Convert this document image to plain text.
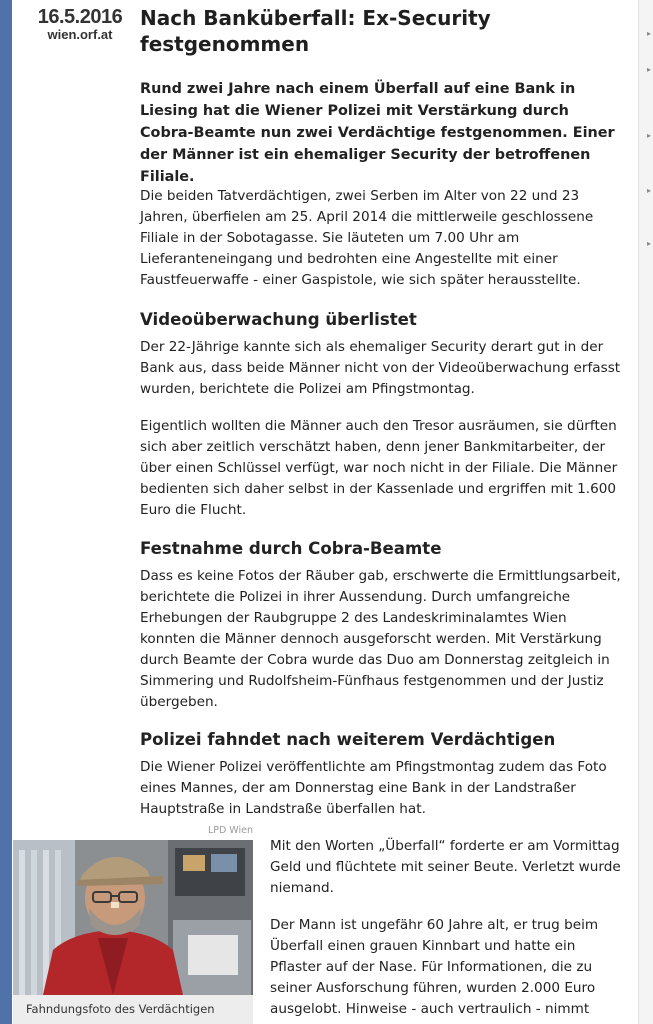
▸
▸
▸
▸
▸
16.5.2016
wien.orf.at
Nach Banküberfall: Ex-Security festgenommen

Rund zwei Jahre nach einem Überfall auf eine Bank in Liesing hat die Wiener Polizei mit Verstärkung durch Cobra-Beamte nun zwei Verdächtige festgenommen. Einer der Männer ist ein ehemaliger Security der betroffenen Filiale.

Die beiden Tatverdächtigen, zwei Serben im Alter von 22 und 23 Jahren, überfielen am 25. April 2014 die mittlerweile geschlossene Filiale in der Sobotagasse. Sie läuteten um 7.00 Uhr am Lieferanteneingang und bedrohten eine Angestellte mit einer Faustfeuerwaffe - einer Gaspistole, wie sich später herausstellte.

Videoüberwachung überlistet

Der 22-Jährige kannte sich als ehemaliger Security derart gut in der Bank aus, dass beide Männer nicht von der Videoüberwachung erfasst wurden, berichtete die Polizei am Pfingstmontag.

Eigentlich wollten die Männer auch den Tresor ausräumen, sie dürften sich aber zeitlich verschätzt haben, denn jener Bankmitarbeiter, der über einen Schlüssel verfügt, war noch nicht in der Filiale. Die Männer bedienten sich daher selbst in der Kassenlade und ergriffen mit 1.600 Euro die Flucht.

Festnahme durch Cobra-Beamte

Dass es keine Fotos der Räuber gab, erschwerte die Ermittlungsarbeit, berichtete die Polizei in ihrer Aussendung. Durch umfangreiche Erhebungen der Raubgruppe 2 des Landeskriminalamtes Wien konnten die Männer dennoch ausgeforscht werden. Mit Verstärkung durch Beamte der Cobra wurde das Duo am Donnerstag zeitgleich in Simmering und Rudolfsheim-Fünfhaus festgenommen und der Justiz übergeben.

Polizei fahndet nach weiterem Verdächtigen

Die Wiener Polizei veröffentlichte am Pfingstmontag zudem das Foto eines Mannes, der am Donnerstag eine Bank in der Landstraßer Hauptstraße in Landstraße überfallen hat.

LPD Wien
Fahndungsfoto des Verdächtigen

Mit den Worten „Überfall“ forderte er am Vormittag Geld und flüchtete mit seiner Beute. Verletzt wurde niemand.

Der Mann ist ungefähr 60 Jahre alt, er trug beim Überfall einen grauen Kinnbart und hatte ein Pflaster auf der Nase. Für Informationen, die zu seiner Ausforschung führen, wurden 2.000 Euro ausgelobt. Hinweise - auch vertraulich - nimmt
